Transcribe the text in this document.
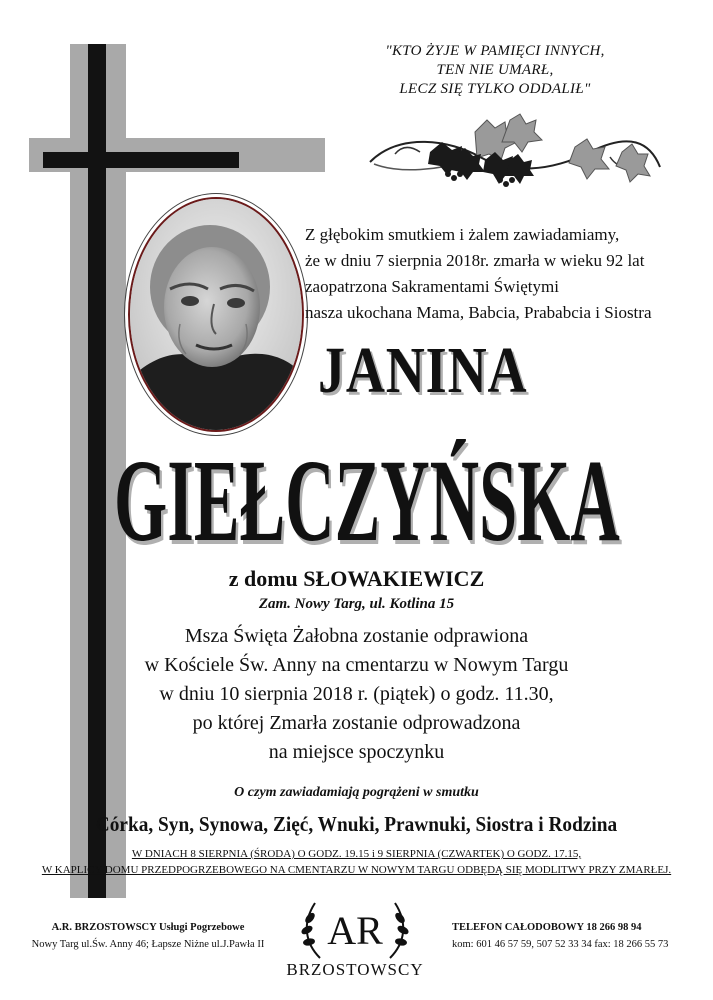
"KTO ŻYJE W PAMIĘCI INNYCH,
TEN NIE UMARŁ,
LECZ SIĘ TYLKO ODDALIŁ"
Z głębokim smutkiem i żalem zawiadamiamy,
że w dniu 7 sierpnia 2018r. zmarła w wieku 92 lat
zaopatrzona Sakramentami Świętymi
nasza ukochana Mama, Babcia, Prababcia i Siostra
JANINA
GIEŁCZYŃSKA
z domu SŁOWAKIEWICZ
Zam. Nowy Targ, ul. Kotlina 15
Msza Święta Żałobna zostanie odprawiona
w Kościele Św. Anny na cmentarzu w Nowym Targu
w dniu 10 sierpnia 2018 r. (piątek) o godz. 11.30,
po której Zmarła zostanie odprowadzona
na miejsce spoczynku
O czym zawiadamiają pogrążeni w smutku
Córka, Syn, Synowa, Zięć, Wnuki, Prawnuki, Siostra i Rodzina
W DNIACH 8 SIERPNIA (ŚRODA) O GODZ. 19.15 i 9 SIERPNIA (CZWARTEK) O GODZ. 17.15,
W KAPLICY DOMU PRZEDPOGRZEBOWEGO NA CMENTARZU W NOWYM TARGU ODBĘDĄ SIĘ MODLITWY PRZY ZMARŁEJ.
A.R. BRZOSTOWSCY Usługi Pogrzebowe
Nowy Targ ul.Św. Anny 46; Łapsze Niżne ul.J.Pawła II AR
BRZOSTOWSCY
TELEFON CAŁODOBOWY 18 266 98 94
kom: 601 46 57 59, 507 52 33 34 fax: 18 266 55 73
